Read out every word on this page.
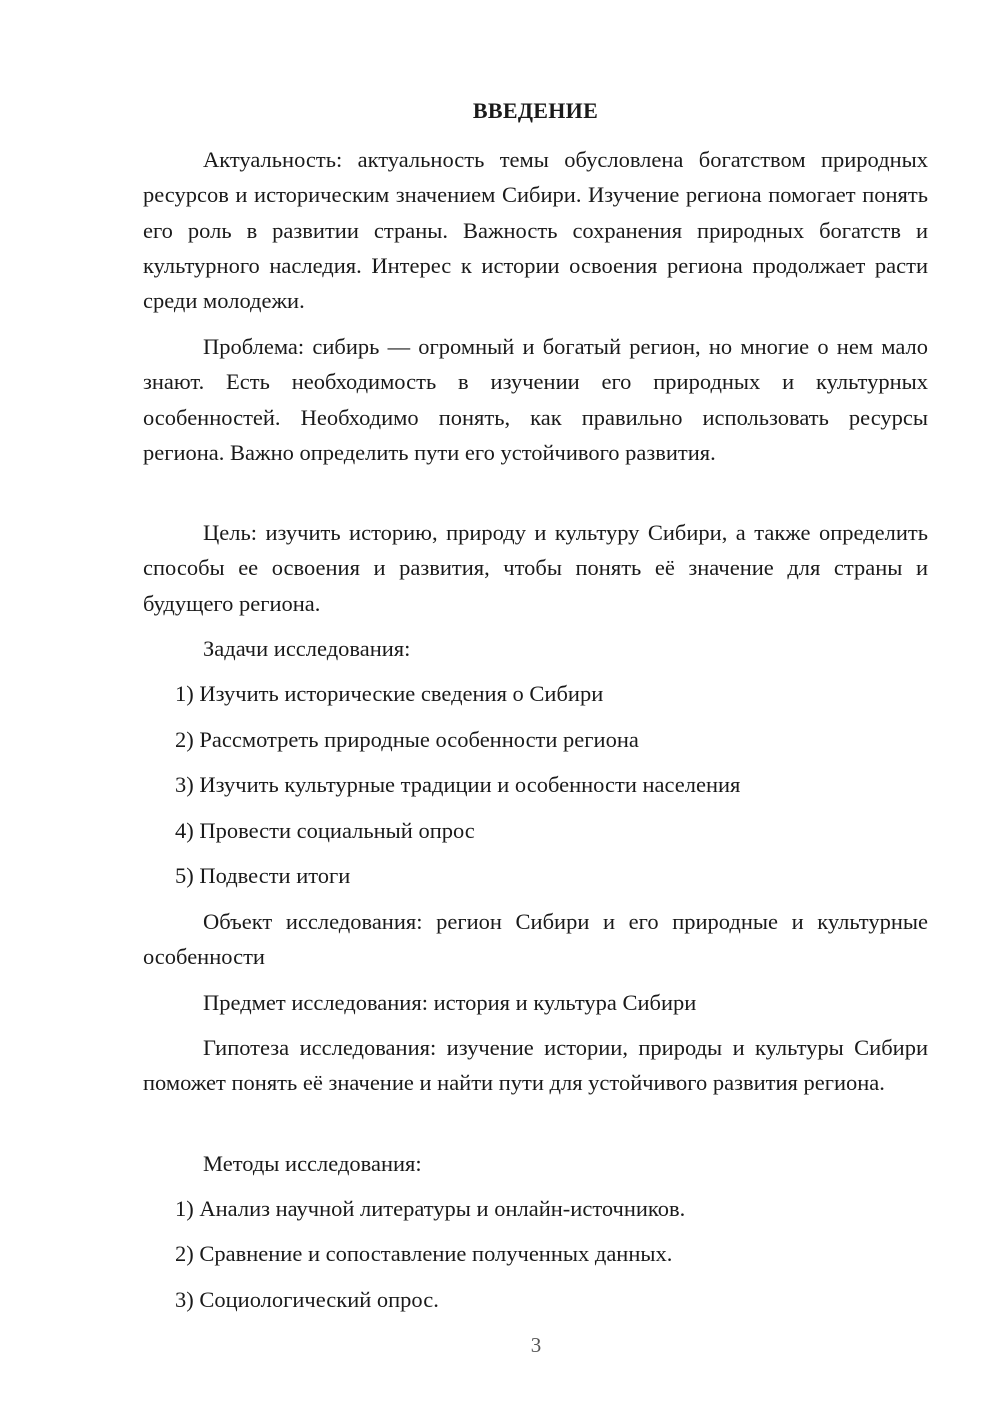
ВВЕДЕНИЕ

Актуальность: актуальность темы обусловлена богатством природных ресурсов и историческим значением Сибири. Изучение региона помогает понять его роль в развитии страны. Важность сохранения природных богатств и культурного наследия. Интерес к истории освоения региона продолжает расти среди молодежи.

Проблема: сибирь — огромный и богатый регион, но многие о нем мало знают. Есть необходимость в изучении его природных и культурных особенностей. Необходимо понять, как правильно использовать ресурсы региона. Важно определить пути его устойчивого развития.

Цель: изучить историю, природу и культуру Сибири, а также определить способы ее освоения и развития, чтобы понять её значение для страны и будущего региона.

Задачи исследования:

1) Изучить исторические сведения о Сибири

2) Рассмотреть природные особенности региона

3) Изучить культурные традиции и особенности населения

4) Провести социальный опрос

5) Подвести итоги

Объект исследования: регион Сибири и его природные и культурные особенности

Предмет исследования: история и культура Сибири

Гипотеза исследования: изучение истории, природы и культуры Сибири поможет понять её значение и найти пути для устойчивого развития региона.

Методы исследования:

1) Анализ научной литературы и онлайн-источников.

2) Сравнение и сопоставление полученных данных.

3) Социологический опрос.

3
